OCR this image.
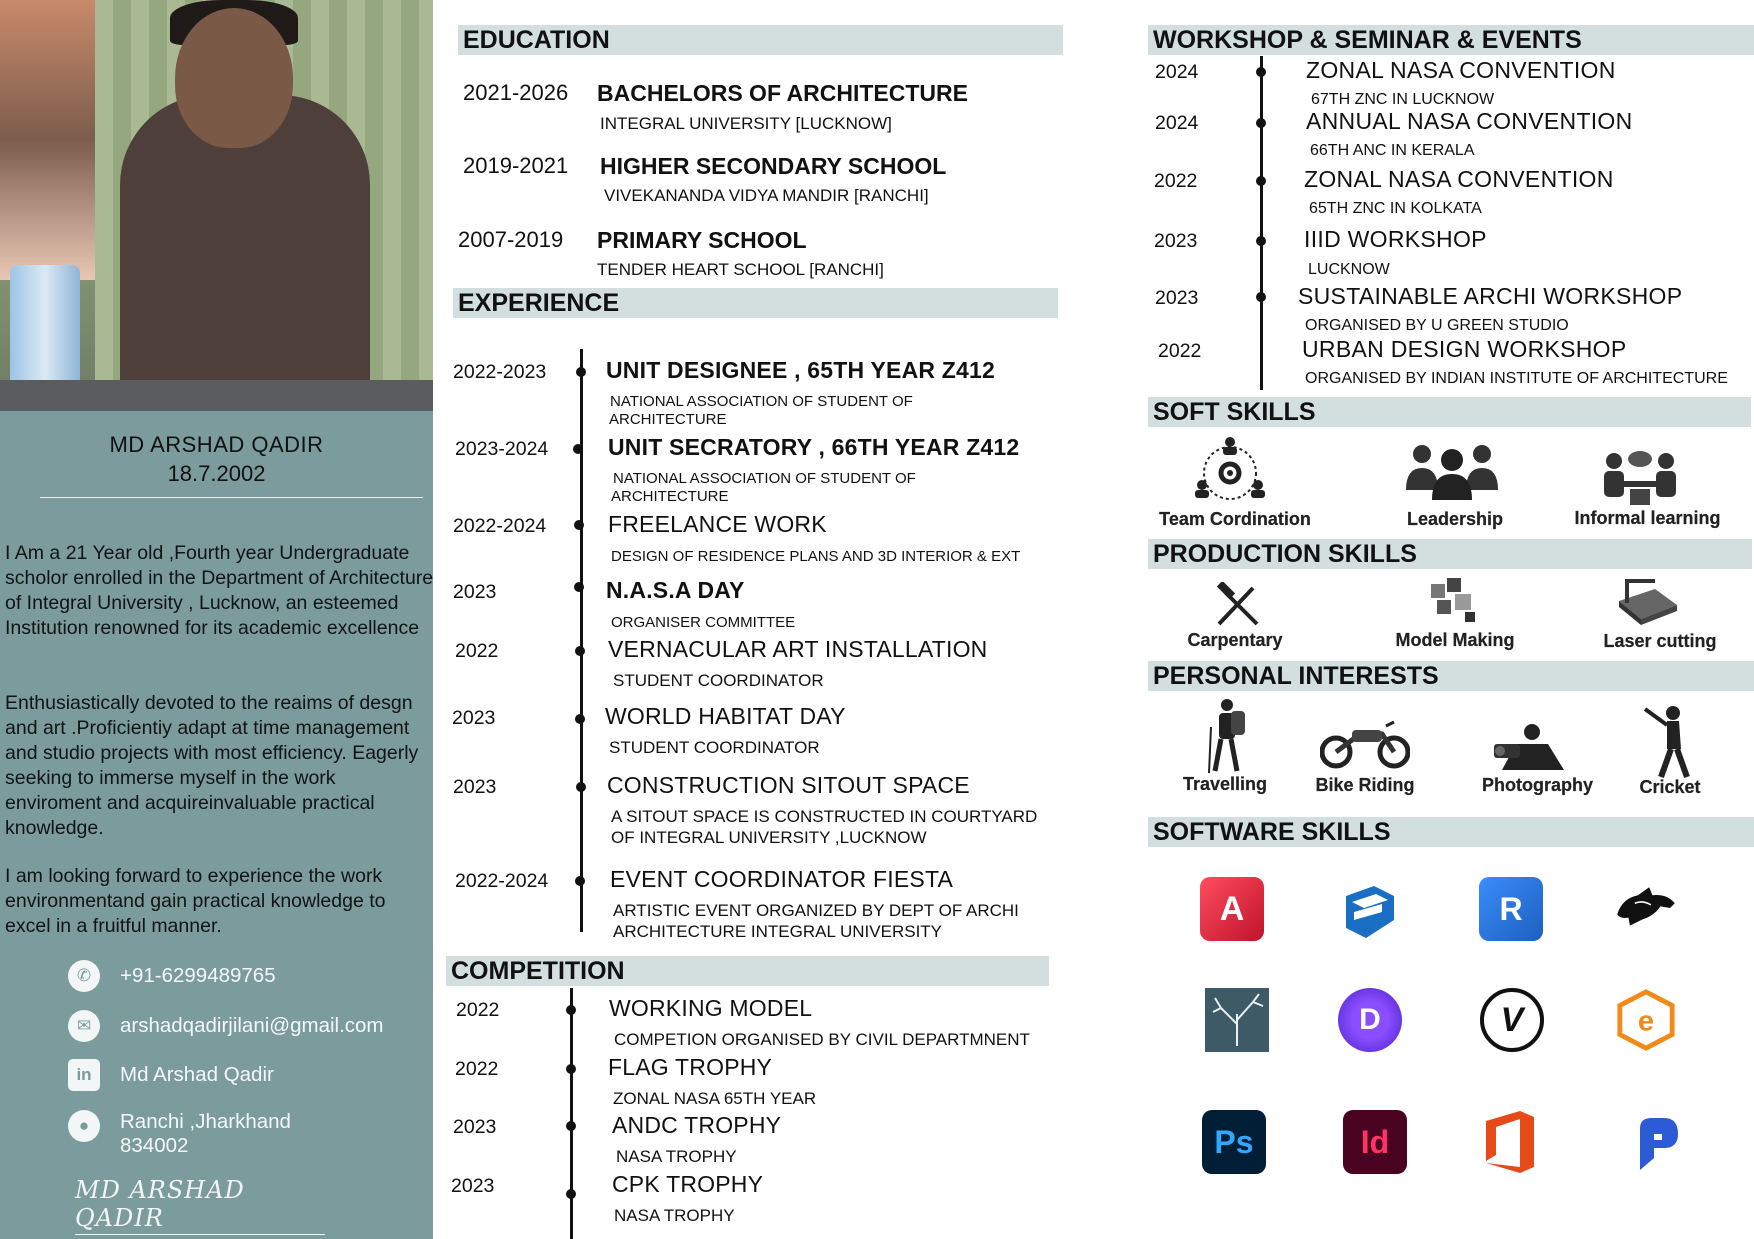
MD ARSHAD QADIR
18.7.2002
I Am a 21 Year old ,Fourth year Undergraduate scholor enrolled in the Department of Architecture of Integral University , Lucknow, an esteemed Institution renowned for its academic excellence
Enthusiastically devoted to the reaims of desgn and art .Proficientiy adapt at time management and studio projects with most efficiency. Eagerly seeking to immerse myself in the work enviroment and acquireinvaluable practical knowledge.
I am looking forward to experience the work environmentand gain practical knowledge to excel in a fruitful manner.
✆	+91-6299489765
✉	arshadqadirjilani@gmail.com
in	Md Arshad Qadir
●	Ranchi ,Jharkhand
834002
MD ARSHAD QADIR
EDUCATION
2021-2026 BACHELORS OF ARCHITECTURE
INTEGRAL UNIVERSITY [LUCKNOW]
2019-2021 HIGHER SECONDARY SCHOOL
VIVEKANANDA VIDYA MANDIR [RANCHI]
2007-2019 PRIMARY SCHOOL
TENDER HEART SCHOOL [RANCHI]
EXPERIENCE
2022-2023	UNIT DESIGNEE , 65TH YEAR Z412
NATIONAL ASSOCIATION OF STUDENT OF
ARCHITECTURE
2023-2024	UNIT SECRATORY , 66TH YEAR Z412
NATIONAL ASSOCIATION OF STUDENT OF
ARCHITECTURE
2022-2024	FREELANCE WORK
DESIGN OF RESIDENCE PLANS AND 3D INTERIOR & EXT
2023	N.A.S.A DAY
ORGANISER COMMITTEE
2022	VERNACULAR ART INSTALLATION
STUDENT COORDINATOR
2023	WORLD HABITAT DAY
STUDENT COORDINATOR
2023	CONSTRUCTION SITOUT SPACE
A SITOUT SPACE IS CONSTRUCTED IN COURTYARD
OF INTEGRAL UNIVERSITY ,LUCKNOW
2022-2024	EVENT COORDINATOR FIESTA
ARTISTIC EVENT ORGANIZED BY DEPT OF ARCHI
ARCHITECTURE INTEGRAL UNIVERSITY
COMPETITION
2022	WORKING MODEL
COMPETION ORGANISED BY CIVIL DEPARTMNENT
2022	FLAG TROPHY
ZONAL NASA 65TH YEAR
2023	ANDC TROPHY
NASA TROPHY
2023	CPK TROPHY
NASA TROPHY
WORKSHOP & SEMINAR & EVENTS
2024	ZONAL NASA CONVENTION
67TH ZNC IN LUCKNOW
2024	ANNUAL NASA CONVENTION
66TH ANC IN KERALA
2022	ZONAL NASA CONVENTION
65TH ZNC IN KOLKATA
2023	IIID WORKSHOP
LUCKNOW
2023	SUSTAINABLE ARCHI WORKSHOP
ORGANISED BY U GREEN STUDIO
2022	URBAN DESIGN WORKSHOP
ORGANISED BY INDIAN INSTITUTE OF ARCHITECTURE
SOFT SKILLS
Team Cordination	Leadership	Informal learning
PRODUCTION SKILLS
Carpentary	Model Making	Laser cutting
PERSONAL INTERESTS
Travelling	Bike Riding	Photography	Cricket
SOFTWARE SKILLS
A	R
D	V	e
Ps	Id
